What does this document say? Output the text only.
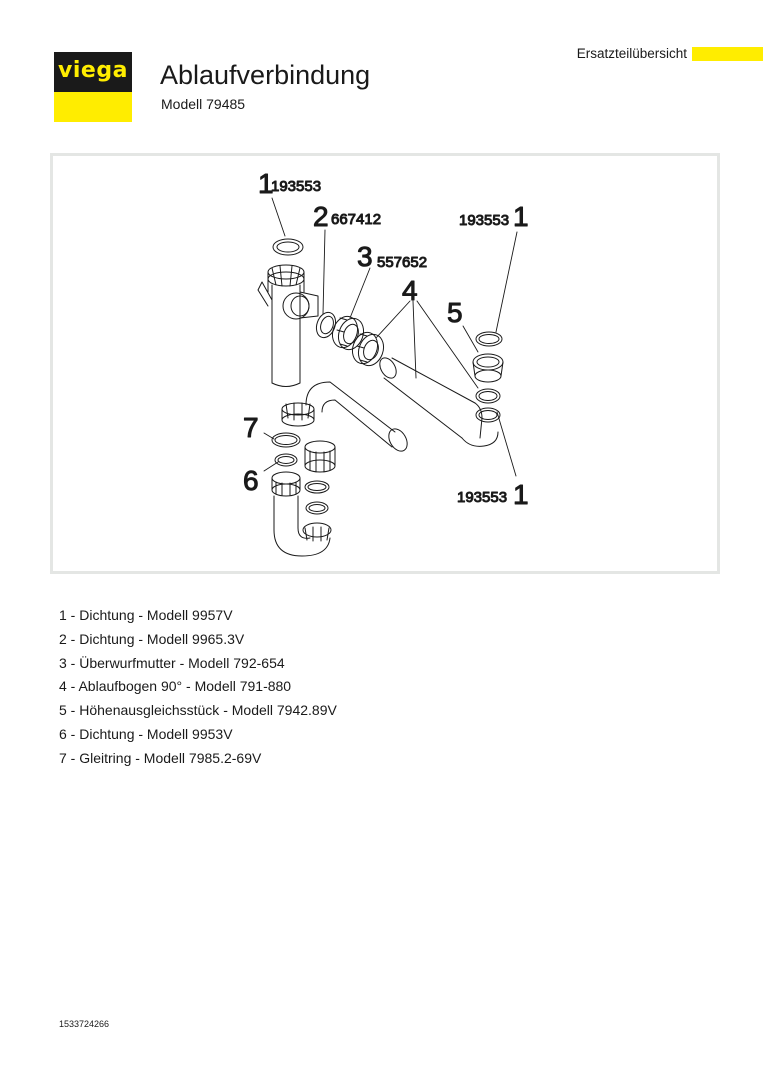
viega
Ersatzteilübersicht
Ablaufverbindung
Modell 79485
1
193553
2 667412
3 557652
193553 1
4
5
7
6
193553 1
1 - Dichtung - Modell 9957V
2 - Dichtung - Modell 9965.3V
3 - Überwurfmutter - Modell 792-654
4 - Ablaufbogen 90° - Modell 791-880
5 - Höhenausgleichsstück - Modell 7942.89V
6 - Dichtung - Modell 9953V
7 - Gleitring - Modell 7985.2-69V
1533724266
